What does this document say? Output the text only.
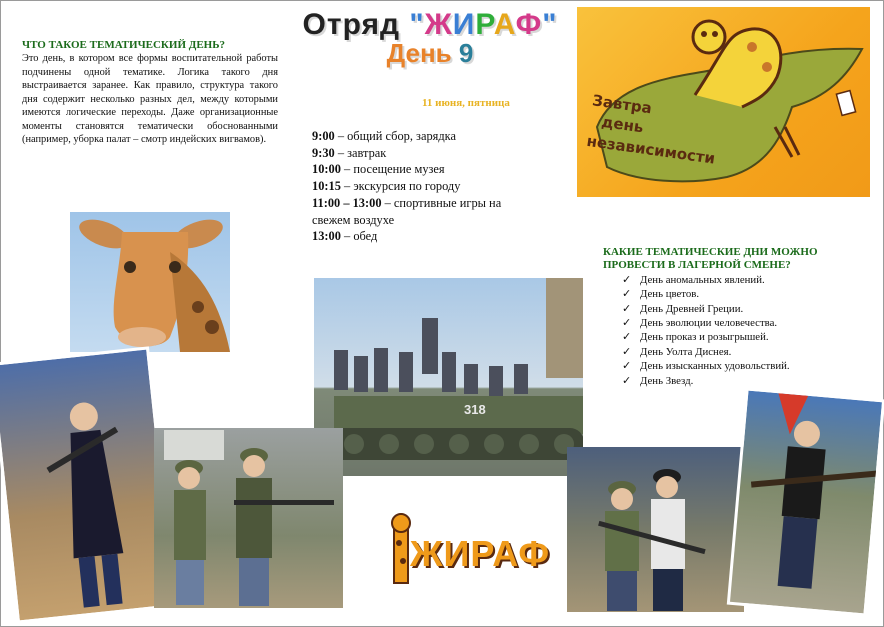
Отряд "ЖИРАФ"
День 9
ЧТО ТАКОЕ ТЕМАТИЧЕСКИЙ ДЕНЬ?
Это день, в котором все формы воспитательной работы подчинены одной тематике. Логика такого дня выстраивается заранее. Как правило, структура такого дня содержит несколько разных дел, между которыми имеются логические переходы. Даже организационные моменты становятся тематически обоснованными (например, уборка палат – смотр индейских вигвамов).
11 июня, пятница
9:00 – общий сбор, зарядка
9:30 – завтрак
10:00 – посещение музея
10:15 – экскурсия по городу
11:00 – 13:00 – спортивные игры на свежем воздухе
13:00 – обед
Завтра
день
независимости
318
КАКИЕ ТЕМАТИЧЕСКИЕ ДНИ МОЖНО ПРОВЕСТИ В ЛАГЕРНОЙ СМЕНЕ?
✓ День аномальных явлений.
✓ День цветов.
✓ День Древней Греции.
✓ День эволюции человечества.
✓ День проказ и розыгрышей.
✓ День Уолта Диснея.
✓ День изысканных удовольствий.
✓ День Звезд.
ЖИРАФ
